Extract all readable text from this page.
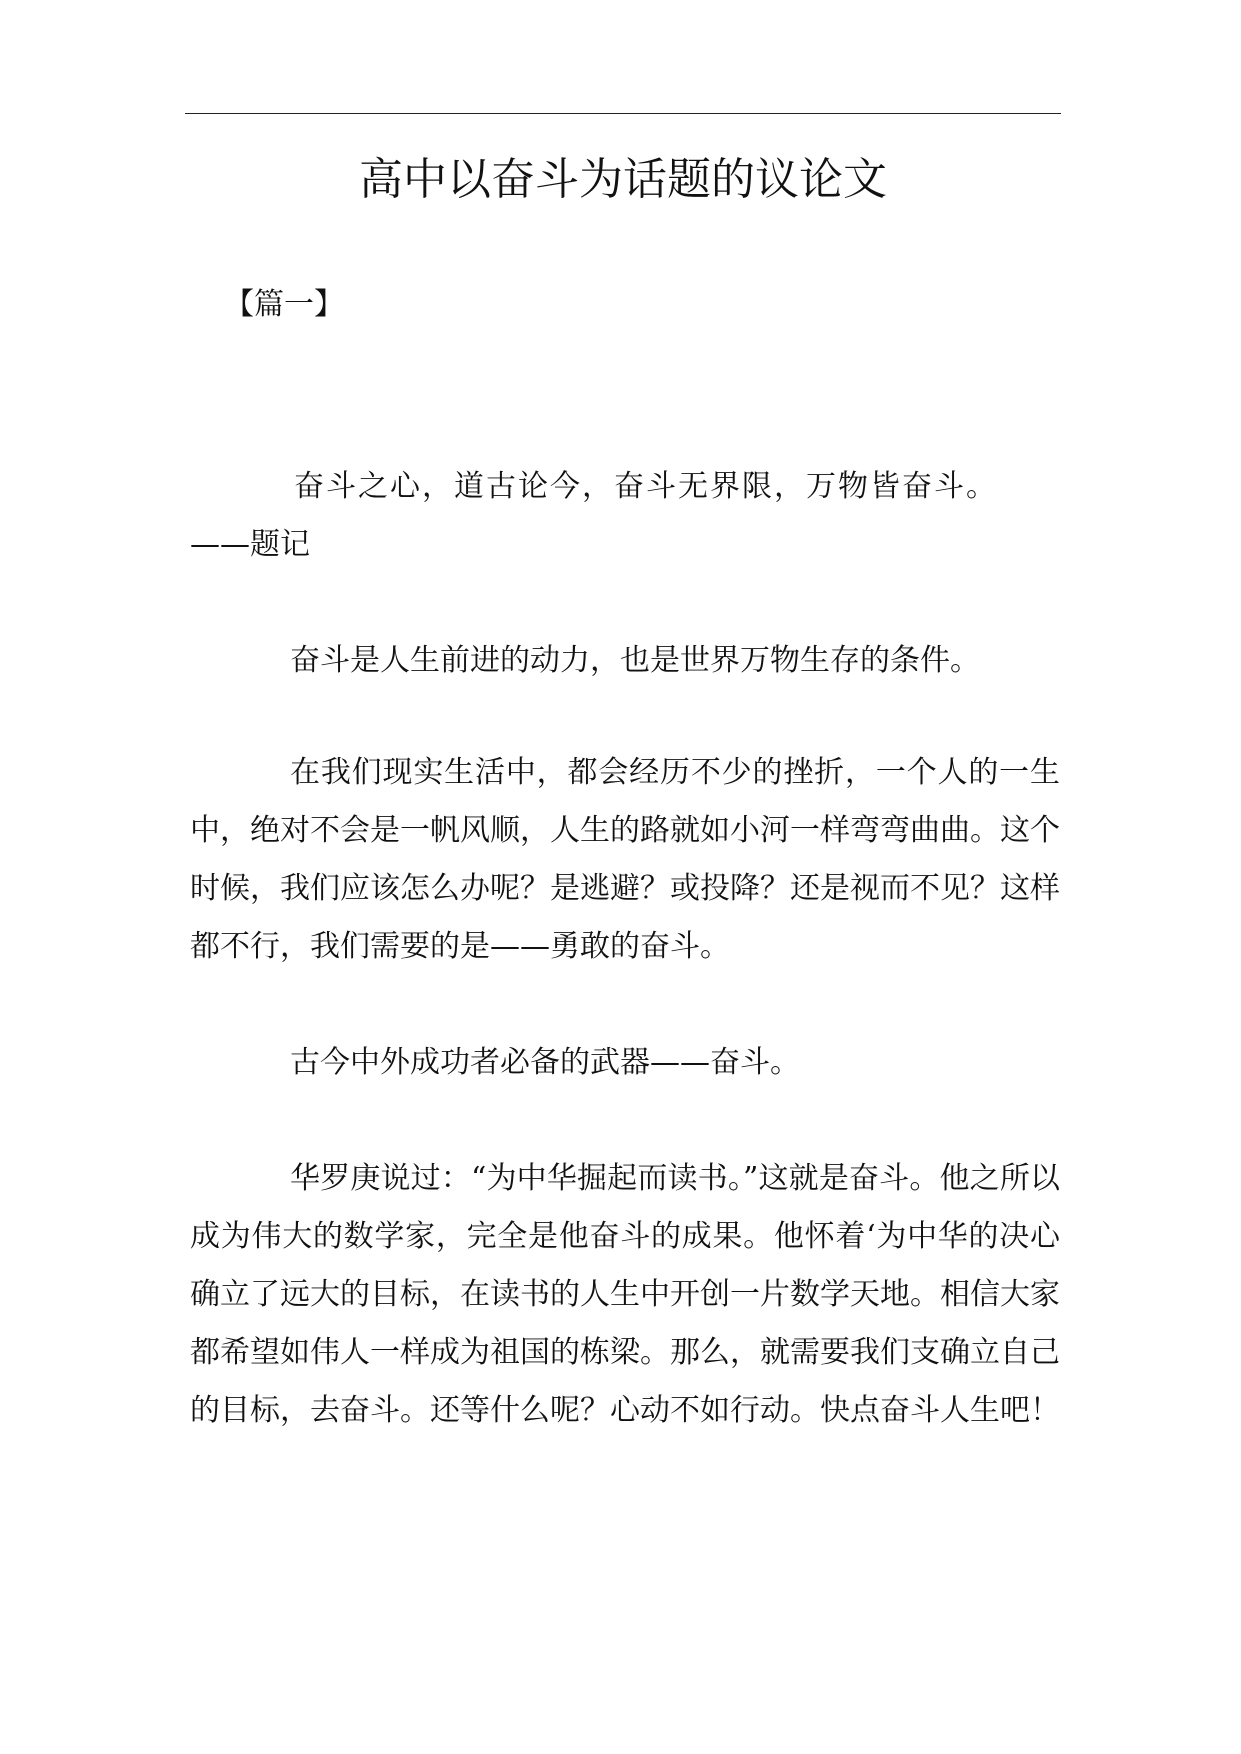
高中以奋斗为话题的议论文
【篇一】
奋斗之心，道古论今，奋斗无界限，万物皆奋斗。
——题记

奋斗是人生前进的动力，也是世界万物生存的条件。

在我们现实生活中，都会经历不少的挫折，一个人的一生中，绝对不会是一帆风顺，人生的路就如小河一样弯弯曲曲。这个时候，我们应该怎么办呢？是逃避？或投降？还是视而不见？这样都不行，我们需要的是——勇敢的奋斗。

古今中外成功者必备的武器——奋斗。

华罗庚说过：“为中华掘起而读书。”这就是奋斗。他之所以成为伟大的数学家，完全是他奋斗的成果。他怀着‘为中华的决心确立了远大的目标，在读书的人生中开创一片数学天地。相信大家都希望如伟人一样成为祖国的栋梁。那么，就需要我们支确立自己的目标，去奋斗。还等什么呢？心动不如行动。快点奋斗人生吧！
